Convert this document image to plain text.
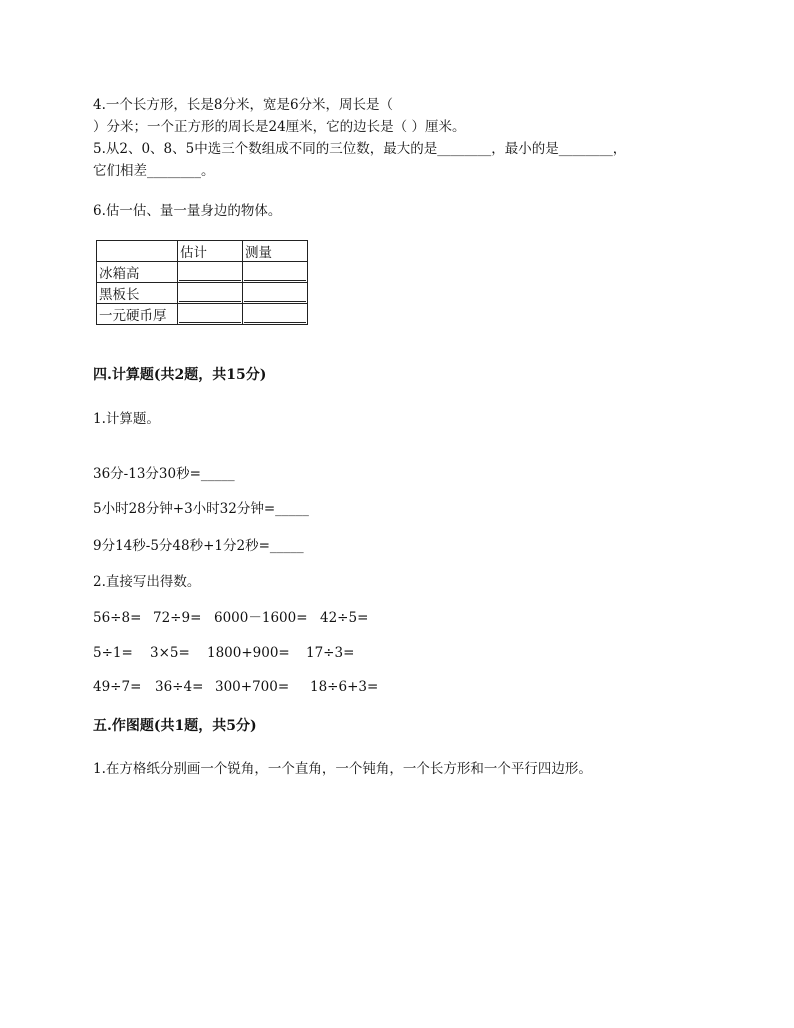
4.一个长方形，长是8分米，宽是6分米，周长是（
）分米；一个正方形的周长是24厘米，它的边长是（ ）厘米。
5.从2、0、8、5中选三个数组成不同的三位数，最大的是________，最小的是________，
它们相差________。
6.估一估、量一量身边的物体。
	估计	测量
冰箱高	

黑板长	

一元硬币厚	

四.计算题(共2题，共15分)
1.计算题。
36分-13分30秒=_____
5小时28分钟+3小时32分钟=_____
9分14秒-5分48秒+1分2秒=_____
2.直接写出得数。
56÷8= 72÷9= 6000－1600= 42÷5=
5÷1= 3×5= 1800+900= 17÷3=
49÷7= 36÷4= 300+700= 18÷6+3=
五.作图题(共1题，共5分)
1.在方格纸分别画一个锐角，一个直角，一个钝角，一个长方形和一个平行四边形。
